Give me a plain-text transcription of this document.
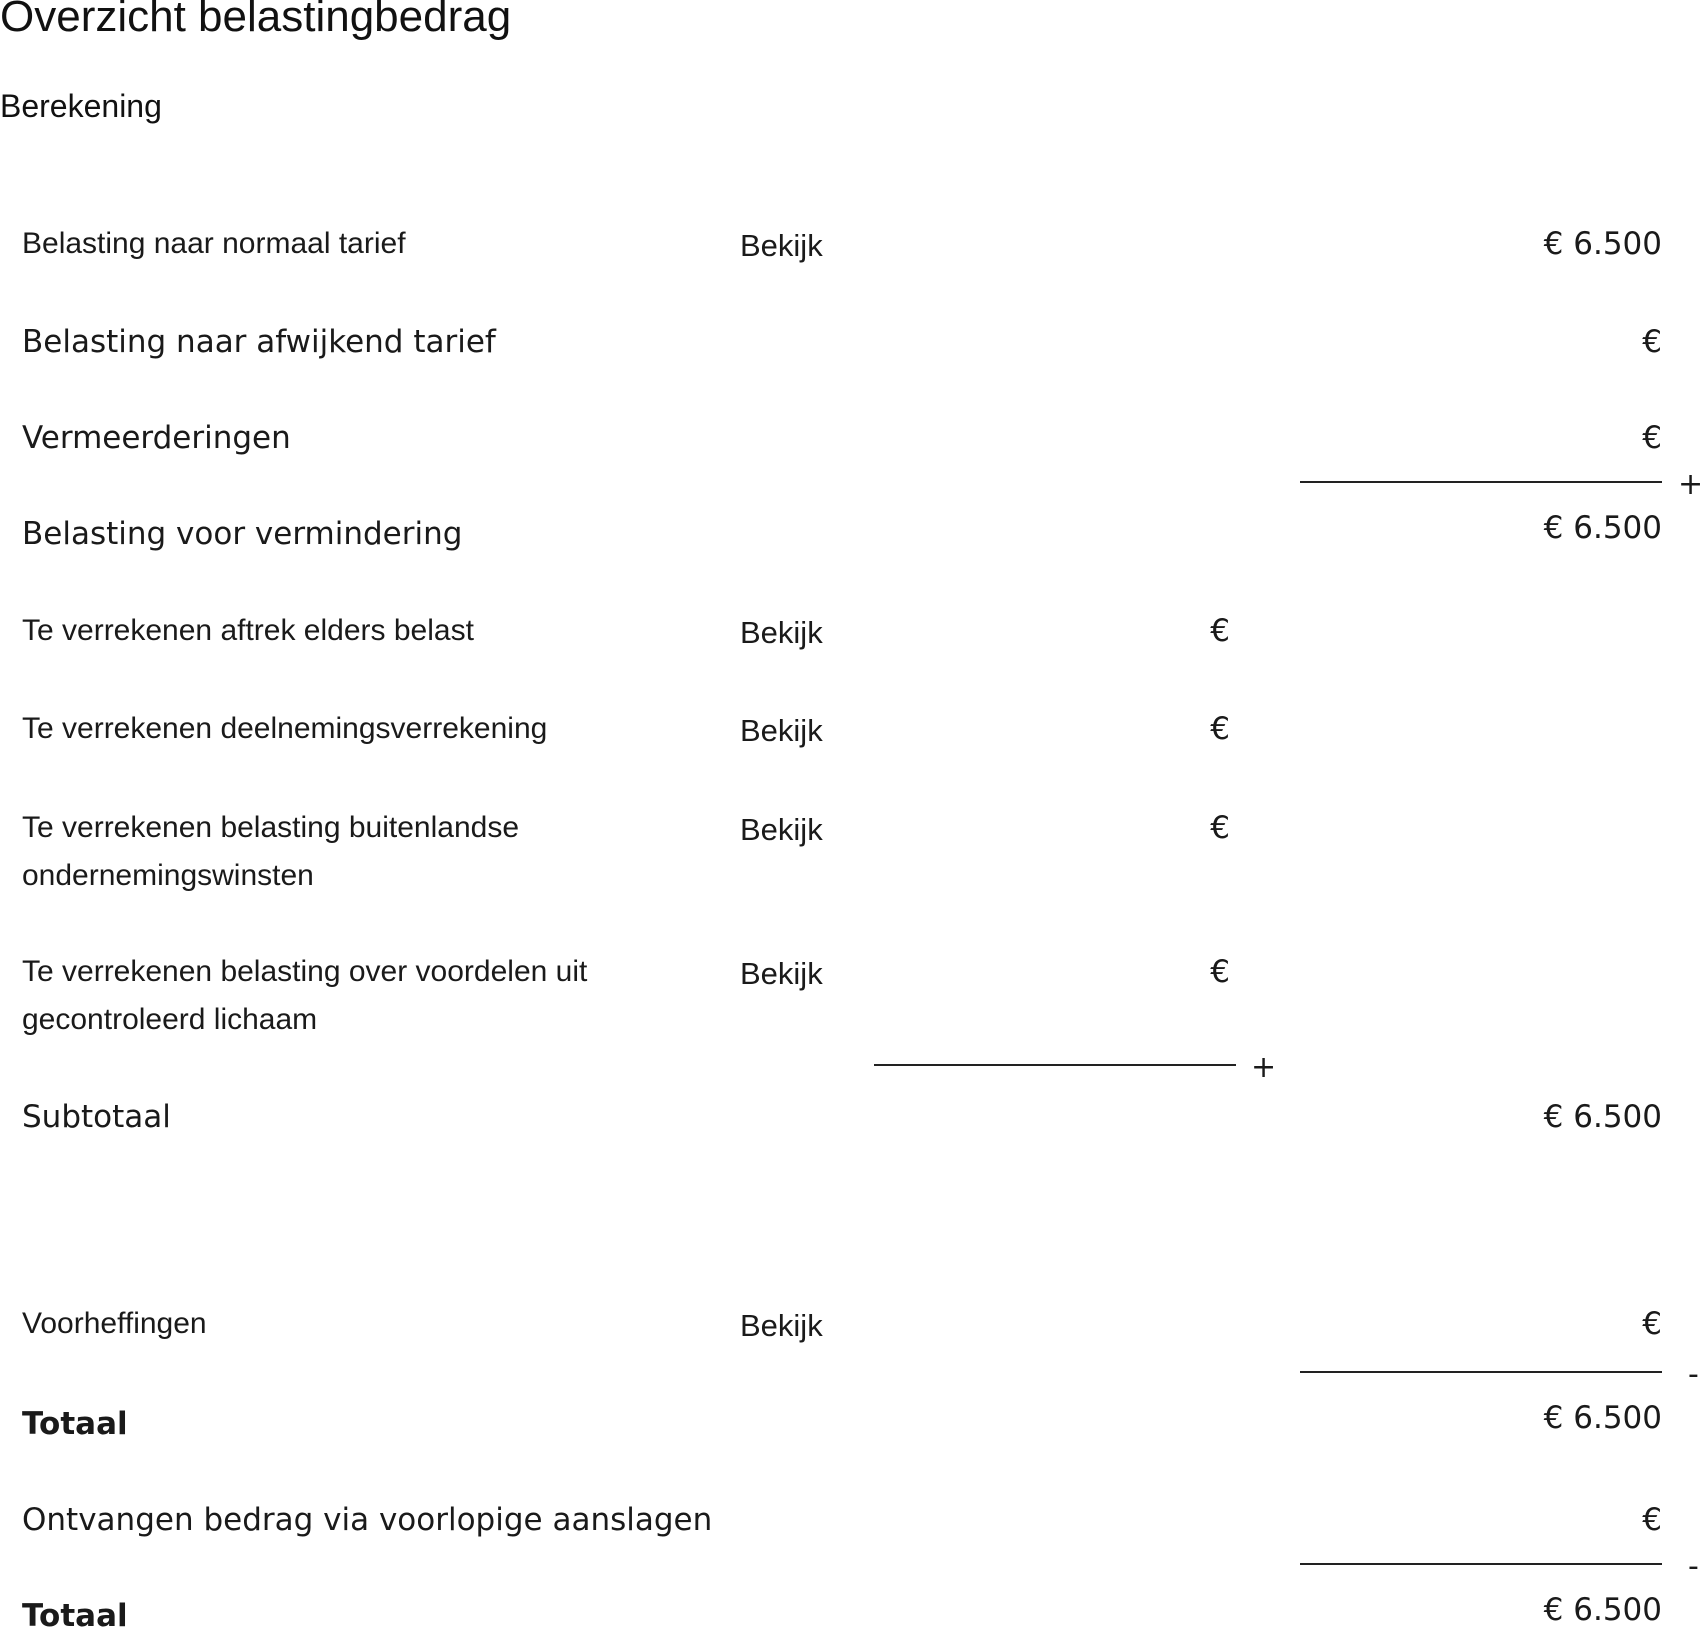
Overzicht belastingbedrag
Berekening
Belasting naar normaal tarief	Bekijk	€ 6.500
Belasting naar afwijkend tarief	€
Vermeerderingen	€
+
Belasting voor vermindering	€ 6.500
Te verrekenen aftrek elders belast	Bekijk	€
Te verrekenen deelnemingsverrekening	Bekijk	€
Te verrekenen belasting buitenlandse
ondernemingswinsten
Bekijk	€
Te verrekenen belasting over voordelen uit
gecontroleerd lichaam
Bekijk	€
+
Subtotaal	€ 6.500
Voorheffingen	Bekijk	€
-
Totaal	€ 6.500
Ontvangen bedrag via voorlopige aanslagen	€
-
Totaal	€ 6.500
